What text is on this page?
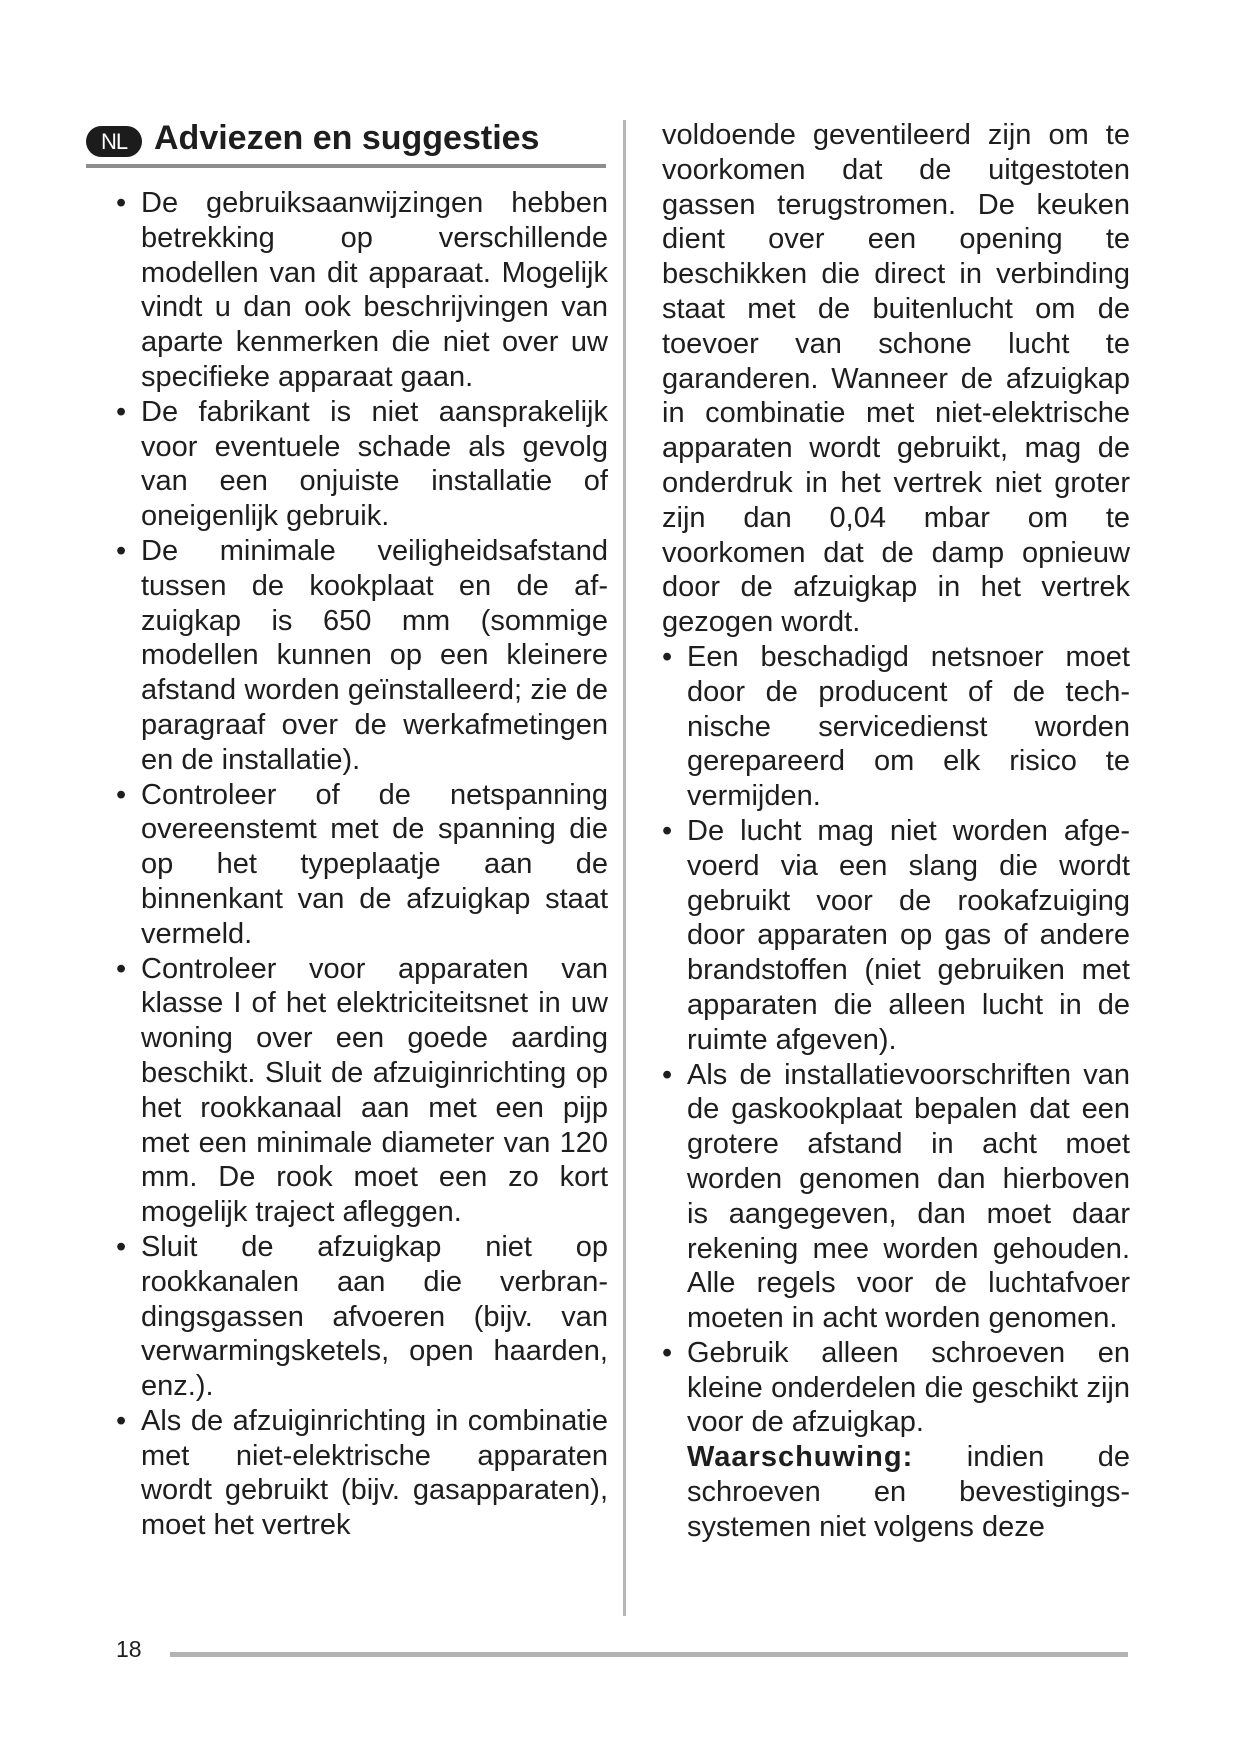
NL Adviezen en suggesties
• De gebruiksaanwijzingen hebben betrekking op verschillende modellen van dit apparaat. Mogelijk vindt u dan ook beschrijvingen van aparte kenmerken die niet over uw specifieke apparaat gaan.
• De fabrikant is niet aansprakelijk voor eventuele schade als gevolg van een onjuiste installatie of oneigenlijk gebruik.
• De minimale veiligheidsafstand tussen de kookplaat en de afzuigkap is 650 mm (sommige modellen kunnen op een kleinere afstand worden geïnstalleerd; zie de paragraaf over de werkafmetingen en de installatie).
• Controleer of de netspanning overeenstemt met de spanning die op het typeplaatje aan de binnenkant van de afzuigkap staat vermeld.
• Controleer voor apparaten van klasse I of het elektriciteitsnet in uw woning over een goede aarding beschikt. Sluit de afzuiginrichting op het rookkanaal aan met een pijp met een minimale diameter van 120 mm. De rook moet een zo kort mogelijk traject afleggen.
• Sluit de afzuigkap niet op rookkanalen aan die verbrandingsgassen afvoeren (bijv. van verwarmingsketels, open haarden, enz.).
• Als de afzuiginrichting in combinatie met niet-elektrische apparaten wordt gebruikt (bijv. gasapparaten), moet het vertrek
voldoende geventileerd zijn om te voorkomen dat de uitgestoten gassen terugstromen. De keuken dient over een opening te beschikken die direct in verbinding staat met de buitenlucht om de toevoer van schone lucht te garanderen. Wanneer de afzuigkap in combinatie met niet-elektrische apparaten wordt gebruikt, mag de onderdruk in het vertrek niet groter zijn dan 0,04 mbar om te voorkomen dat de damp opnieuw door de afzuigkap in het vertrek gezogen wordt.
• Een beschadigd netsnoer moet door de producent of de technische servicedienst worden gerepareerd om elk risico te vermijden.
• De lucht mag niet worden afgevoerd via een slang die wordt gebruikt voor de rookafzuiging door apparaten op gas of andere brandstoffen (niet gebruiken met apparaten die alleen lucht in de ruimte afgeven).
• Als de installatievoorschriften van de gaskookplaat bepalen dat een grotere afstand in acht moet worden genomen dan hierboven is aangegeven, dan moet daar rekening mee worden gehouden. Alle regels voor de luchtafvoer moeten in acht worden genomen.
• Gebruik alleen schroeven en kleine onderdelen die geschikt zijn voor de afzuigkap.
Waarschuwing: indien de schroeven en bevestigingssystemen niet volgens deze
18
